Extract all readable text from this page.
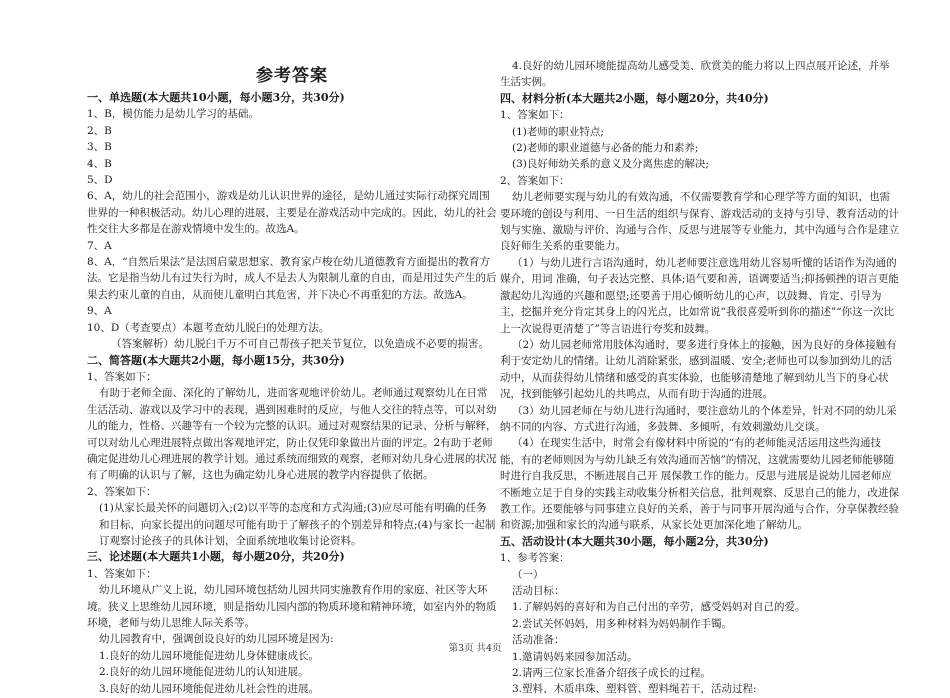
参考答案
一、单选题(本大题共10小题，每小题3分，共30分)
1、B，模仿能力是幼儿学习的基础。
2、B
3、B
4、B
5、D
6、A，幼儿的社会范围小，游戏是幼儿认识世界的途径，是幼儿通过实际行动探究周围世界的一种积极活动。幼儿心理的进展，主要是在游戏活动中完成的。因此，幼儿的社会性交往大多都是在游戏情境中发生的。故选A。
7、A
8、A，“自然后果法”是法国启蒙思想家、教育家卢梭在幼儿道德教育方面提出的教育方法。它是指当幼儿有过失行为时，成人不是去人为限制儿童的自由，而是用过失产生的后果去约束儿童的自由，从而使儿童明白其危害，并下决心不再重犯的方法。故选A。
9、A
10、D（考查要点）本题考查幼儿脱臼的处理方法。
（答案解析）幼儿脱臼千万不可自己帮孩子把关节复位，以免造成不必要的损害。
二、简答题(本大题共2小题，每小题15分，共30分)
1、答案如下：
有助于老师全面、深化的了解幼儿，进而客观地评价幼儿。老师通过观察幼儿在日常生活活动、游戏以及学习中的表现，遇到困难时的反应，与他人交往的特点等，可以对幼儿的能力，性格、兴趣等有一个较为完整的认识。通过对观察结果的记录、分析与解释，可以对幼儿心理进展特点做出客观地评定，防止仅凭印象做出片面的评定。2有助于老师确定促进幼儿心理进展的教学计划。通过系统而细致的观察，老师对幼儿身心进展的状况有了明确的认识与了解，这也为确定幼儿身心进展的教学内容提供了依据。
2、答案如下：
(1)从家长最关怀的问题切入;(2)以平等的态度和方式沟通;(3)应尽可能有明确的任务和目标，向家长提出的问题尽可能有助于了解孩子的个别差异和特点;(4)与家长一起制订观察讨论孩子的具体计划，全面系统地收集讨论资料。
三、论述题(本大题共1小题，每小题20分，共20分)
1、答案如下：
幼儿环境从广义上说，幼儿园环境包括幼儿园共同实施教育作用的家庭、社区等大环境。狭义上思维幼儿园环境，则是指幼儿园内部的物质环境和精神环境，如室内外的物质环境，老师与幼儿思维人际关系等。
幼儿园教育中，强调创设良好的幼儿园环境是因为:
1.良好的幼儿园环境能促进幼儿身体健康成长。
2.良好的幼儿园环境能促进幼儿的认知进展。
3.良好的幼儿园环境能促进幼儿社会性的进展。
4.良好的幼儿园环境能提高幼儿感受美、欣赏美的能力将以上四点展开论述，并举生活实例。
四、材料分析(本大题共2小题，每小题20分，共40分)
1、答案如下：
(1)老师的职业特点;
(2)老师的职业道德与必备的能力和素养;
(3)良好师幼关系的意义及分离焦虑的解决;
2、答案如下：
幼儿老师要实现与幼儿的有效沟通，不仅需要教育学和心理学等方面的知识，也需要环境的创设与利用、一日生活的组织与保育、游戏活动的支持与引导、教育活动的计划与实施、激励与评价、沟通与合作、反思与进展等专业能力，其中沟通与合作是建立良好师生关系的重要能力。
（1）与幼儿进行言语沟通时，幼儿老师要注意选用幼儿容易听懂的话语作为沟通的媒介，用词 准确，句子表达完整、具体;语气要和善，语调要适当;抑扬顿挫的语言更能激起幼儿沟通的兴趣和愿望;还要善于用心倾听幼儿的心声，以鼓舞、肯定、引导为主，挖掘并充分肯定其身上的闪光点，比如常说“我很喜爱听到你的描述”“你这一次比上一次说得更清楚了”等言语进行夸奖和鼓舞。
（2）幼儿园老师常用肢体沟通时，要多进行身体上的接触，因为良好的身体接触有利于安定幼儿的情绪。让幼儿消除紧张，感到温暖、安全;老师也可以参加到幼儿的活动中，从而获得幼儿情绪和感受的真实体验，也能够清楚地了解到幼儿当下的身心状况，找到能够引起幼儿的共鸣点，从而有助于沟通的进展。
（3）幼儿园老师在与幼儿进行沟通时，要注意幼儿的个体差异，针对不同的幼儿采纳不同的内容、方式进行沟通，多鼓舞、多倾听，有效刺激幼儿交谈。
（4）在现实生活中，时常会有像材料中所说的“有的老师能灵活运用这些沟通技能，有的老师则因为与幼儿缺乏有效沟通而苦恼”的情况，这就需要幼儿园老师能够随时进行自我反思，不断进展自己开 展保教工作的能力。反思与进展是说幼儿园老师应不断地立足于自身的实践主动收集分析相关信息，批判观察、反思自己的能力，改进保教工作。还要能够与同事建立良好的关系，善于与同事开展沟通与合作，分享保教经验和资源;加强和家长的沟通与联系，从家长处更加深化地了解幼儿。
五、活动设计(本大题共30小题，每小题2分，共30分)
1、参考答案：
（一）
活动目标：
1.了解妈妈的喜好和为自己付出的辛劳，感受妈妈对自己的爱。
2.尝试关怀妈妈，用多种材料为妈妈制作手镯。
活动准备：
1.邀请妈妈来园参加活动。
2.请两三位家长准备介绍孩子成长的过程。
3.塑料、木质串珠、塑料管、塑料绳若干，活动过程:
第3页 共4页
